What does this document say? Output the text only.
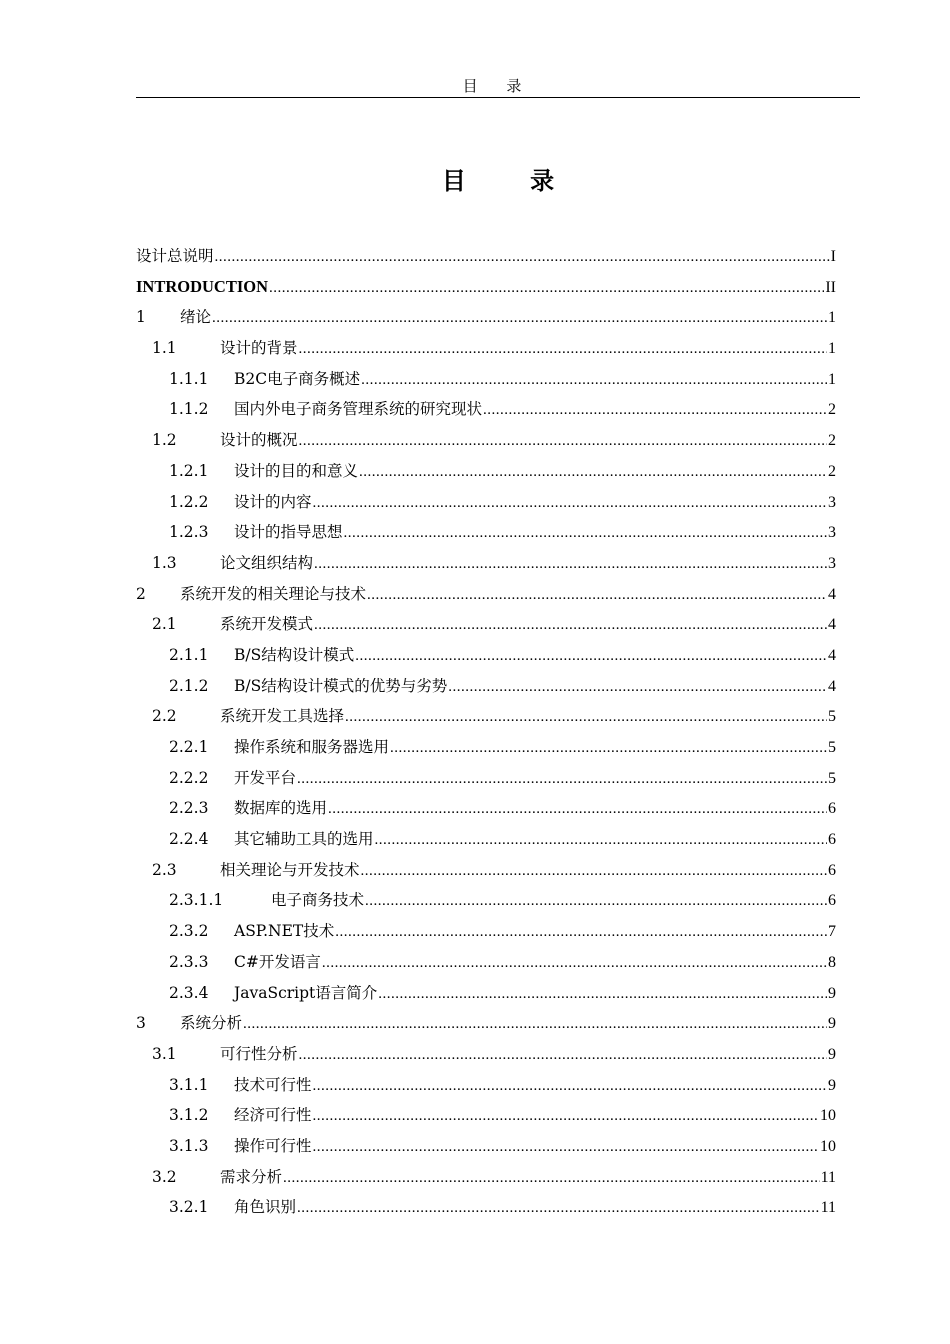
目 录
目 录
设计总说明 .....	I
INTRODUCTION .....	II
1	绪论 .....	1
1.1	设计的背景 .....	1
1.1.1	B2C电子商务概述 .....	1
1.1.2	国内外电子商务管理系统的研究现状 .....	2
1.2	设计的概况 .....	2
1.2.1	设计的目的和意义 .....	2
1.2.2	设计的内容 .....	3
1.2.3	设计的指导思想 .....	3
1.3	论文组织结构 .....	3
2	系统开发的相关理论与技术 .....	4
2.1	系统开发模式 .....	4
2.1.1	B/S结构设计模式 .....	4
2.1.2	B/S结构设计模式的优势与劣势 .....	4
2.2	系统开发工具选择 .....	5
2.2.1	操作系统和服务器选用 .....	5
2.2.2	开发平台 .....	5
2.2.3	数据库的选用 .....	6
2.2.4	其它辅助工具的选用 .....	6
2.3	相关理论与开发技术 .....	6
2.3.1.1	电子商务技术 .....	6
2.3.2	ASP.NET技术 .....	7
2.3.3	C#开发语言 .....	8
2.3.4	JavaScript语言简介 .....	9
3	系统分析 .....	9
3.1	可行性分析 .....	9
3.1.1	技术可行性 .....	9
3.1.2	经济可行性 .....	10
3.1.3	操作可行性 .....	10
3.2	需求分析 .....	11
3.2.1	角色识别 .....	11
